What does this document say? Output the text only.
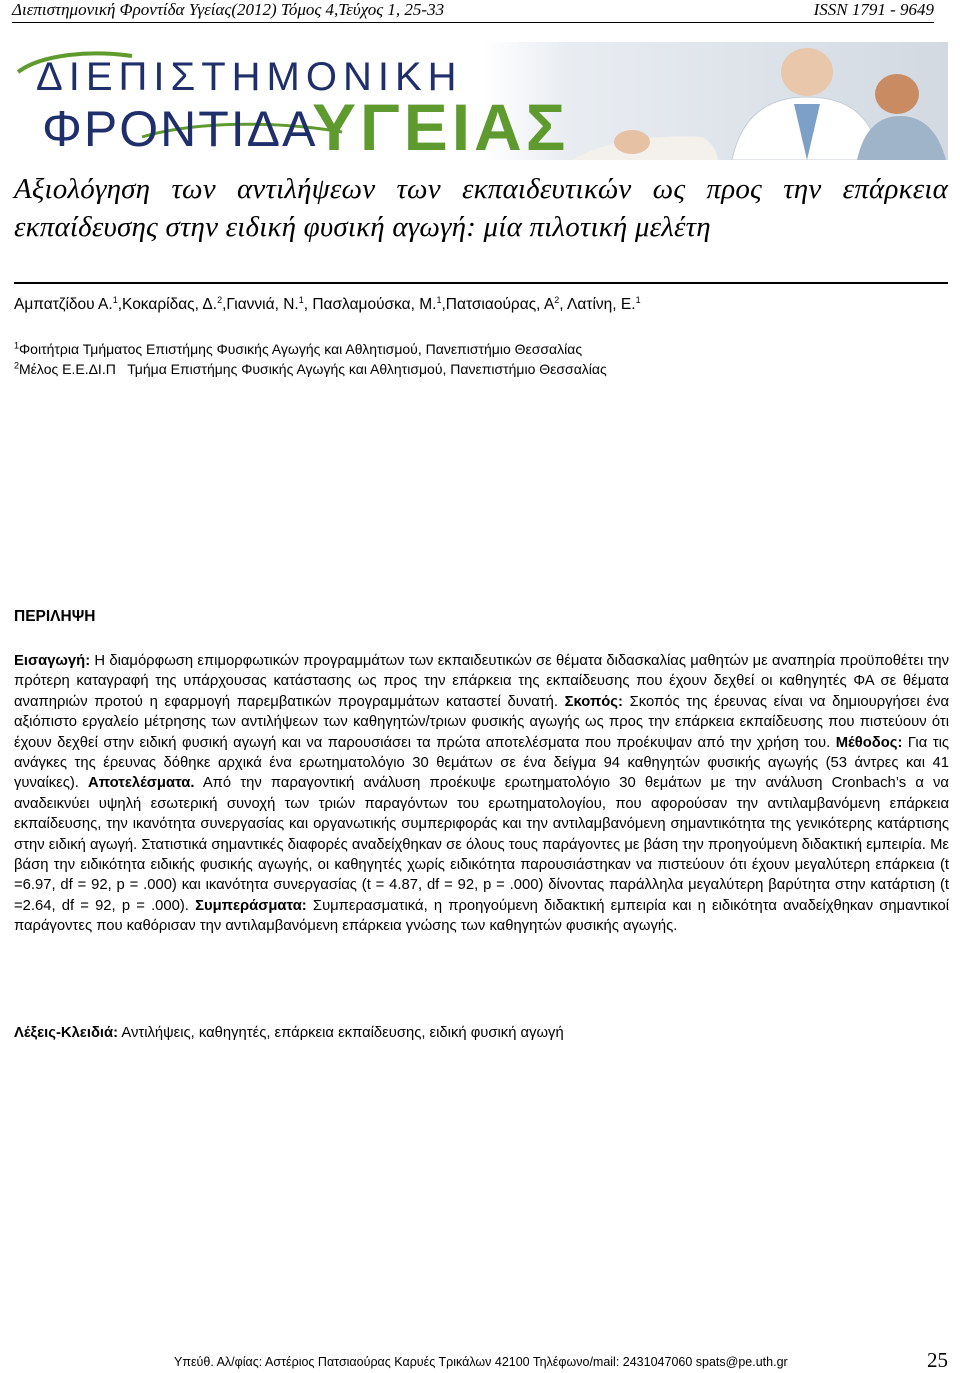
Διεπιστημονική Φροντίδα Υγείας(2012) Τόμος 4,Τεύχος 1, 25-33	ISSN 1791 - 9649
ΔΙΕΠΙΣΤΗΜΟΝΙΚΗ
ΦΡΟΝΤΙΔΑ
ΥΓΕΙΑΣ
Αξιολόγηση των αντιλήψεων των εκπαιδευτικών ως προς την επάρκεια εκπαίδευσης στην ειδική φυσική αγωγή: μία πιλοτική μελέτη
Αμπατζίδου Α.$^1$,Κοκαρίδας, Δ.$^2$,Γιαννιά, Ν.$^1$, Πασλαμούσκα, Μ.$^1$,Πατσιαούρας, $A^2$, Λατίνη, Ε.$^1$
$^1$Φοιτήτρια Τμήματος Επιστήμης Φυσικής Αγωγής και Αθλητισμού, Πανεπιστήμιο Θεσσαλίας
$^2$Μέλος Ε.Ε.ΔΙ.Π   Τμήμα Επιστήμης Φυσικής Αγωγής και Αθλητισμού, Πανεπιστήμιο Θεσσαλίας
ΠΕΡΙΛΗΨΗ

Εισαγωγή: Η διαμόρφωση επιμορφωτικών προγραμμάτων των εκπαιδευτικών σε θέματα διδασκαλίας μαθητών με αναπηρία προϋποθέτει την πρότερη καταγραφή της υπάρχουσας κατάστασης ως προς την επάρκεια της εκπαίδευσης που έχουν δεχθεί οι καθηγητές ΦΑ σε θέματα αναπηριών προτού η εφαρμογή παρεμβατικών προγραμμάτων καταστεί δυνατή. Σκοπός: Σκοπός της έρευνας είναι να δημιουργήσει ένα αξιόπιστο εργαλείο μέτρησης των αντιλήψεων των καθηγητών/τριων φυσικής αγωγής ως προς την επάρκεια εκπαίδευσης που πιστεύουν ότι έχουν δεχθεί στην ειδική φυσική αγωγή και να παρουσιάσει τα πρώτα αποτελέσματα που προέκυψαν από την χρήση του. Μέθοδος: Για τις ανάγκες της έρευνας δόθηκε αρχικά ένα ερωτηματολόγιο 30 θεμάτων σε ένα δείγμα 94 καθηγητών φυσικής αγωγής (53 άντρες και 41 γυναίκες). Αποτελέσματα. Από την παραγοντική ανάλυση προέκυψε ερωτηματολόγιο 30 θεμάτων με την ανάλυση Cronbach’s α να αναδεικνύει υψηλή εσωτερική συνοχή των τριών παραγόντων του ερωτηματολογίου, που αφορούσαν την αντιλαμβανόμενη επάρκεια εκπαίδευσης, την ικανότητα συνεργασίας και οργανωτικής συμπεριφοράς και την αντιλαμβανόμενη σημαντικότητα της γενικότερης κατάρτισης στην ειδική αγωγή. Στατιστικά σημαντικές διαφορές αναδείχθηκαν σε όλους τους παράγοντες με βάση την προηγούμενη διδακτική εμπειρία. Με βάση την ειδικότητα ειδικής φυσικής αγωγής, οι καθηγητές χωρίς ειδικότητα παρουσιάστηκαν να πιστεύουν ότι έχουν μεγαλύτερη επάρκεια (t =6.97, df = 92, p = .000) και ικανότητα συνεργασίας (t = 4.87, df = 92, p = .000) δίνοντας παράλληλα μεγαλύτερη βαρύτητα στην κατάρτιση (t =2.64, df = 92, p = .000). Συμπεράσματα: Συμπερασματικά, η προηγούμενη διδακτική εμπειρία και η ειδικότητα αναδείχθηκαν σημαντικοί παράγοντες που καθόρισαν την αντιλαμβανόμενη επάρκεια γνώσης των καθηγητών φυσικής αγωγής.

Λέξεις-Κλειδιά: Αντιλήψεις, καθηγητές, επάρκεια εκπαίδευσης, ειδική φυσική αγωγή

Υπεύθ. Αλ/φίας: Αστέριος Πατσιαούρας Καρυές Τρικάλων 42100 Τηλέφωνο/mail: 2431047060 spats@pe.uth.gr	25
